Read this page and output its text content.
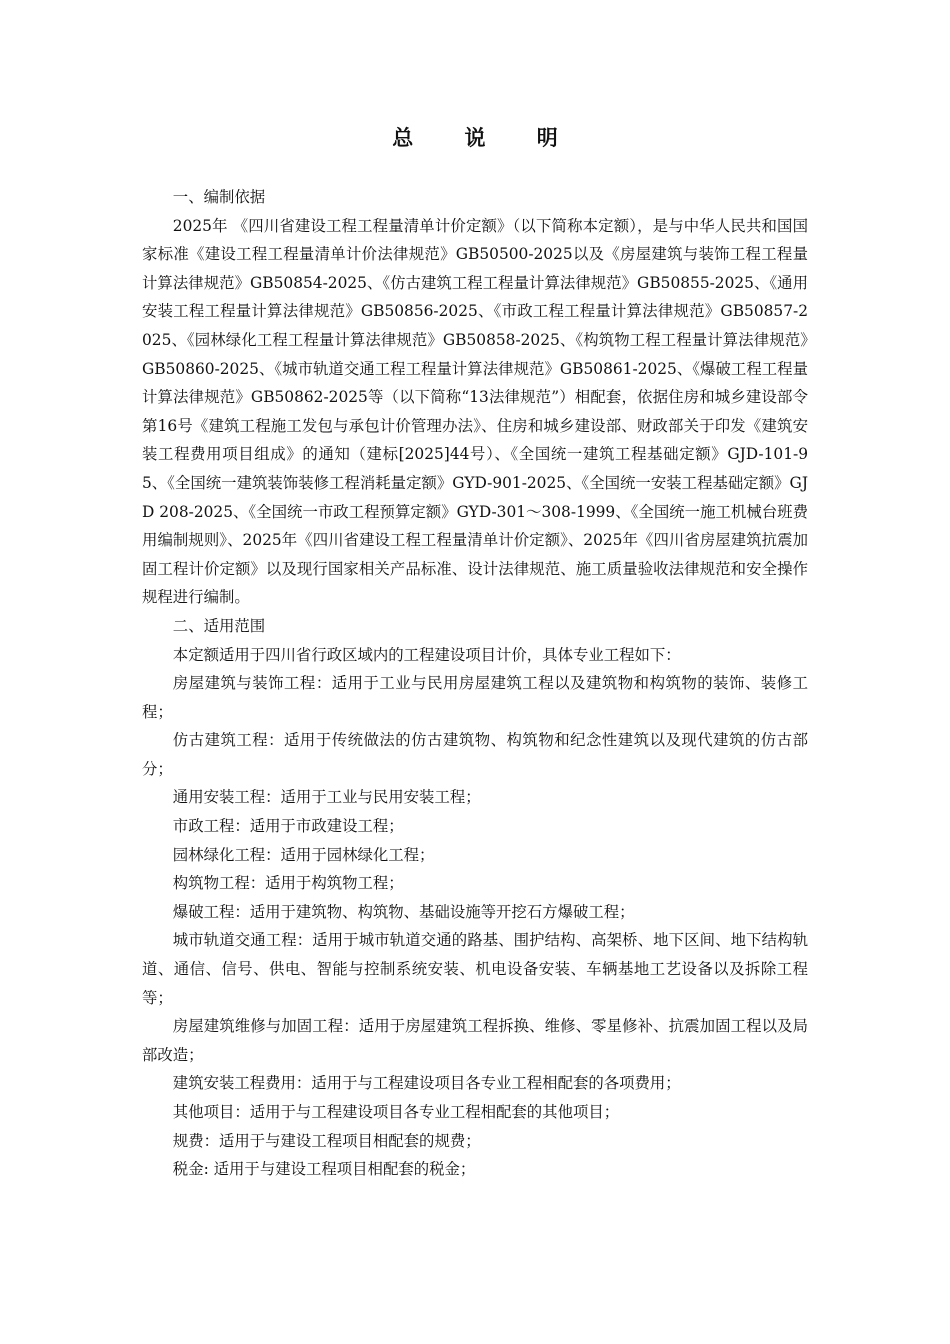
总 说 明

一、编制依据

2025年 《四川省建设工程工程量清单计价定额》（以下简称本定额），是与中华人民共和国国家标准《建设工程工程量清单计价法律规范》GB50500-2025以及《房屋建筑与装饰工程工程量计算法律规范》GB50854-2025、《仿古建筑工程工程量计算法律规范》GB50855-2025、《通用安装工程工程量计算法律规范》GB50856-2025、《市政工程工程量计算法律规范》GB50857-2025、《园林绿化工程工程量计算法律规范》GB50858-2025、《构筑物工程工程量计算法律规范》GB50860-2025、《城市轨道交通工程工程量计算法律规范》GB50861-2025、《爆破工程工程量计算法律规范》GB50862-2025等（以下简称“13法律规范”）相配套，依据住房和城乡建设部令第16号《建筑工程施工发包与承包计价管理办法》、住房和城乡建设部、财政部关于印发《建筑安装工程费用项目组成》的通知（建标[2025]44号）、《全国统一建筑工程基础定额》GJD-101-95、《全国统一建筑装饰装修工程消耗量定额》GYD-901-2025、《全国统一安装工程基础定额》GJD 208-2025、《全国统一市政工程预算定额》GYD-301～308-1999、《全国统一施工机械台班费用编制规则》、2025年《四川省建设工程工程量清单计价定额》、2025年《四川省房屋建筑抗震加固工程计价定额》以及现行国家相关产品标准、设计法律规范、施工质量验收法律规范和安全操作规程进行编制。

二、适用范围

本定额适用于四川省行政区域内的工程建设项目计价，具体专业工程如下：

房屋建筑与装饰工程：适用于工业与民用房屋建筑工程以及建筑物和构筑物的装饰、装修工程；

仿古建筑工程：适用于传统做法的仿古建筑物、构筑物和纪念性建筑以及现代建筑的仿古部分；

通用安装工程：适用于工业与民用安装工程；

市政工程：适用于市政建设工程；

园林绿化工程：适用于园林绿化工程；

构筑物工程：适用于构筑物工程；

爆破工程：适用于建筑物、构筑物、基础设施等开挖石方爆破工程；

城市轨道交通工程：适用于城市轨道交通的路基、围护结构、高架桥、地下区间、地下结构轨道、通信、信号、供电、智能与控制系统安装、机电设备安装、车辆基地工艺设备以及拆除工程等；

房屋建筑维修与加固工程：适用于房屋建筑工程拆换、维修、零星修补、抗震加固工程以及局部改造；

建筑安装工程费用：适用于与工程建设项目各专业工程相配套的各项费用；

其他项目：适用于与工程建设项目各专业工程相配套的其他项目；

规费：适用于与建设工程项目相配套的规费；

税金: 适用于与建设工程项目相配套的税金；
